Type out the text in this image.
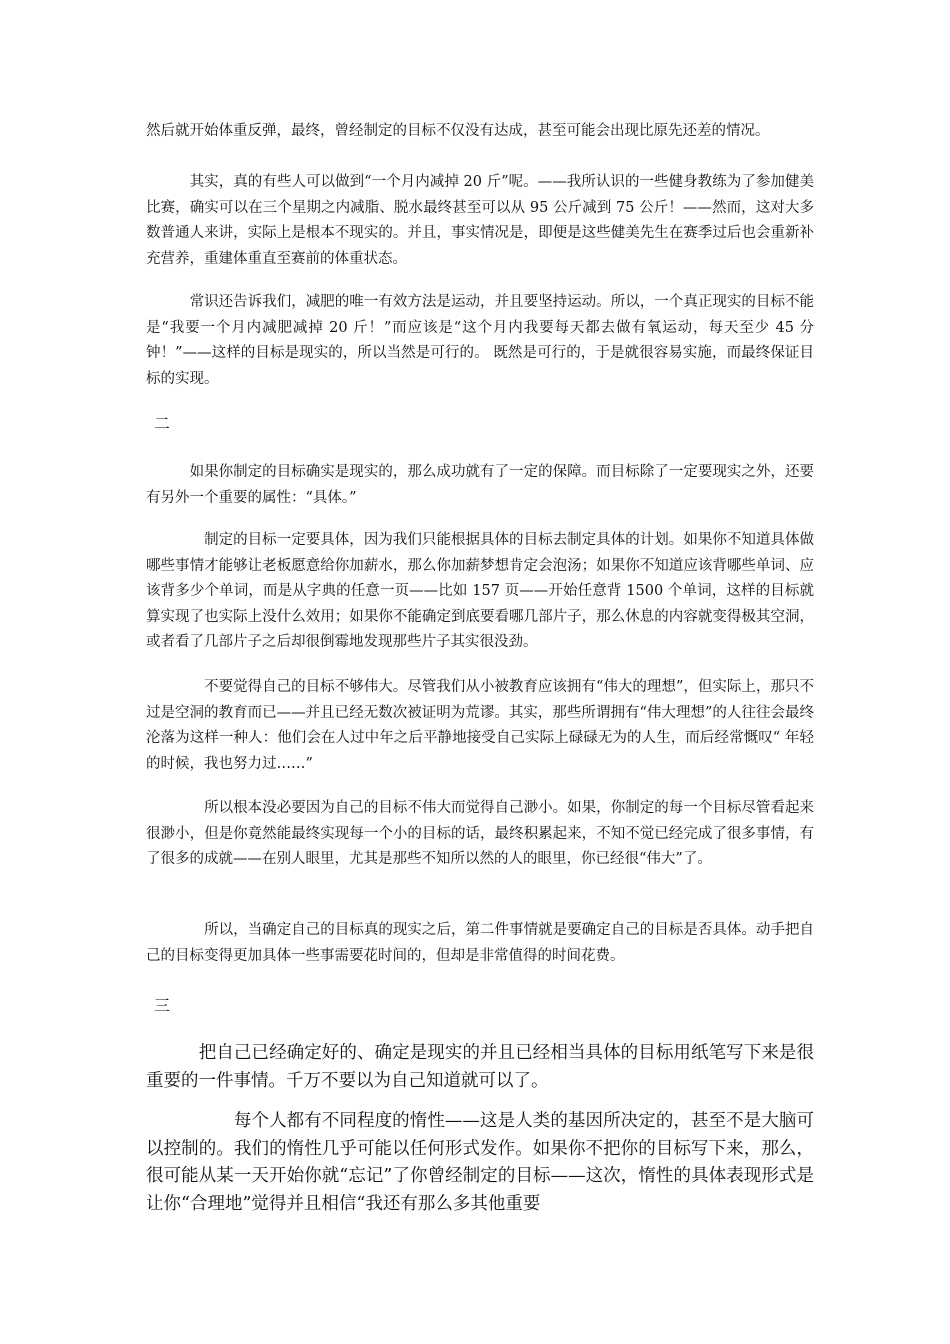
然后就开始体重反弹，最终，曾经制定的目标不仅没有达成，甚至可能会出现比原先还差的情况。

　　　其实，真的有些人可以做到“一个月内减掉 20 斤”呢。——我所认识的一些健身教练为了参加健美比赛，确实可以在三个星期之内减脂、脱水最终甚至可以从 95 公斤减到 75 公斤！——然而，这对大多数普通人来讲，实际上是根本不现实的。并且，事实情况是，即便是这些健美先生在赛季过后也会重新补充营养，重建体重直至赛前的体重状态。

　　　常识还告诉我们，减肥的唯一有效方法是运动，并且要坚持运动。所以，一个真正现实的目标不能是“我要一个月内减肥减掉 20 斤！”而应该是“这个月内我要每天都去做有氧运动，每天至少 45 分钟！”——这样的目标是现实的，所以当然是可行的。 既然是可行的，于是就很容易实施，而最终保证目标的实现。

二

　　　如果你制定的目标确实是现实的，那么成功就有了一定的保障。而目标除了一定要现实之外，还要有另外一个重要的属性：“具体。”

　　　　制定的目标一定要具体，因为我们只能根据具体的目标去制定具体的计划。如果你不知道具体做哪些事情才能够让老板愿意给你加薪水，那么你加薪梦想肯定会泡汤；如果你不知道应该背哪些单词、应该背多少个单词，而是从字典的任意一页——比如 157 页——开始任意背 1500 个单词，这样的目标就算实现了也实际上没什么效用；如果你不能确定到底要看哪几部片子，那么休息的内容就变得极其空洞，或者看了几部片子之后却很倒霉地发现那些片子其实很没劲。

　　　　不要觉得自己的目标不够伟大。尽管我们从小被教育应该拥有“伟大的理想”，但实际上，那只不过是空洞的教育而已——并且已经无数次被证明为荒谬。其实，那些所谓拥有“伟大理想”的人往往会最终沦落为这样一种人：他们会在人过中年之后平静地接受自己实际上碌碌无为的人生，而后经常慨叹“ 年轻的时候，我也努力过……”

　　　　所以根本没必要因为自己的目标不伟大而觉得自己渺小。如果，你制定的每一个目标尽管看起来很渺小，但是你竟然能最终实现每一个小的目标的话，最终积累起来，不知不觉已经完成了很多事情，有了很多的成就——在别人眼里，尤其是那些不知所以然的人的眼里，你已经很“伟大”了。

　　　　所以，当确定自己的目标真的现实之后，第二件事情就是要确定自己的目标是否具体。动手把自己的目标变得更加具体一些事需要花时间的，但却是非常值得的时间花费。

三

　　　把自己已经确定好的、确定是现实的并且已经相当具体的目标用纸笔写下来是很重要的一件事情。千万不要以为自己知道就可以了。

　　　　　每个人都有不同程度的惰性——这是人类的基因所决定的，甚至不是大脑可以控制的。我们的惰性几乎可能以任何形式发作。如果你不把你的目标写下来，那么，很可能从某一天开始你就“忘记”了你曾经制定的目标——这次，惰性的具体表现形式是让你“合理地”觉得并且相信“我还有那么多其他重要
